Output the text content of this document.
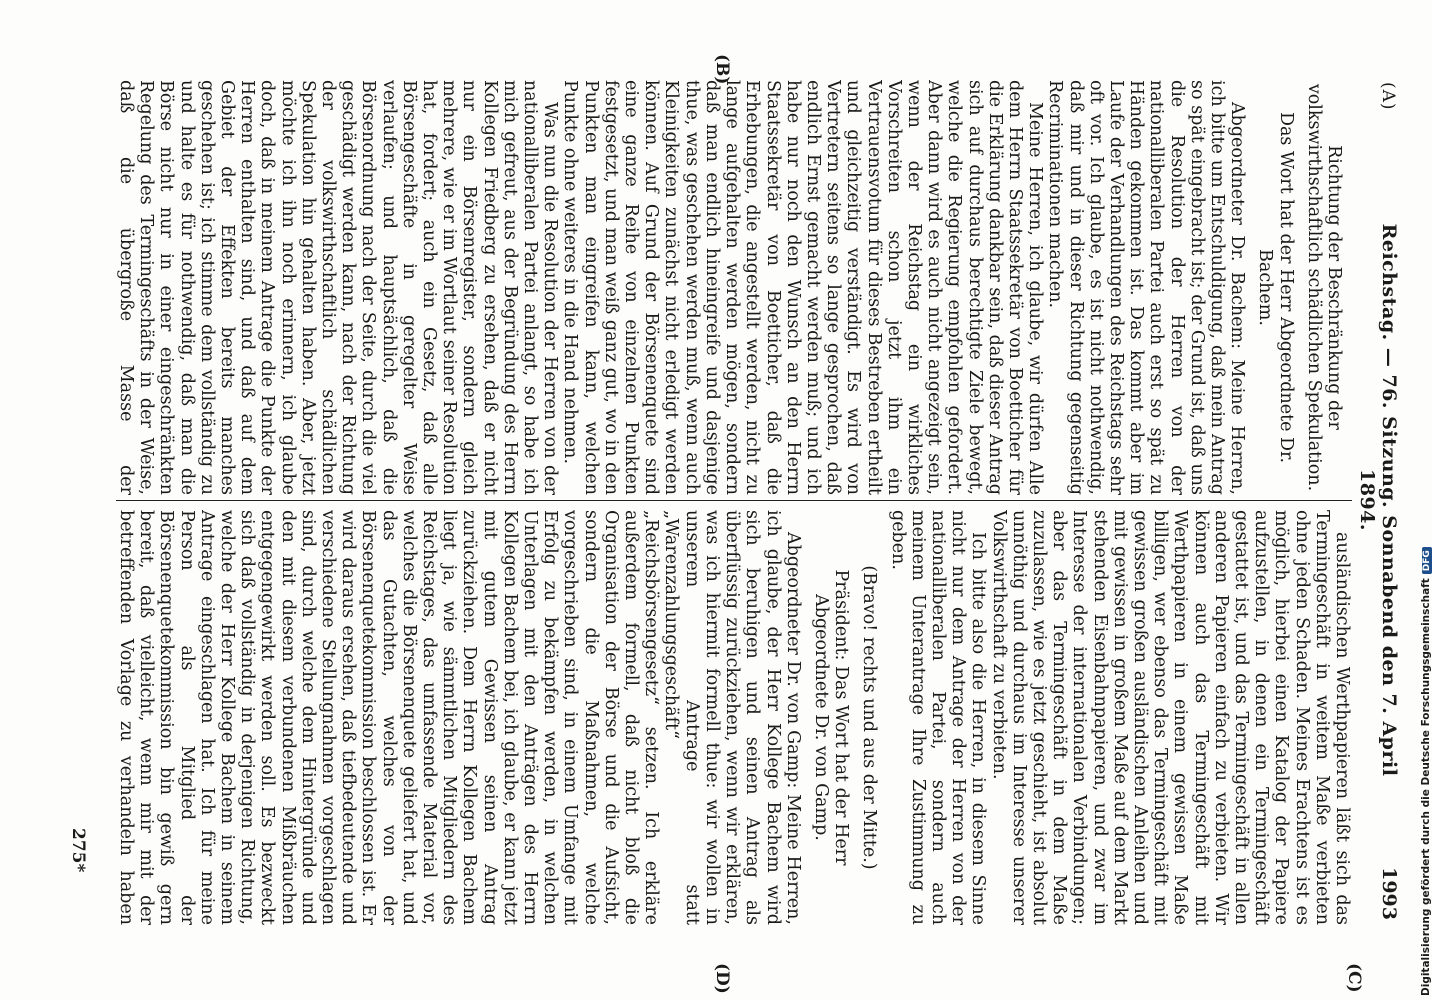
(A)
Reichstag. — 76. Sitzung. Sonnabend den 7. April 1894.
1993

Richtung der Beschränkung der volkswirthschaftlich schädlichen Spekulation.

Das Wort hat der Herr Abgeordnete Dr. Bachem.

Abgeordneter Dr. Bachem: Meine Herren, ich bitte um Entschuldigung, daß mein Antrag so spät eingebracht ist; der Grund ist, daß uns die Resolution der Herren von der nationalliberalen Partei auch erst so spät zu Händen gekommen ist. Das kommt aber im Laufe der Verhandlungen des Reichstags sehr oft vor. Ich glaube, es ist nicht nothwendig, daß mir und in dieser Richtung gegenseitig Recriminationen machen.

Meine Herren, ich glaube, wir dürfen Alle dem Herrn Staatssekretär von Boetticher für die Erklärung dankbar sein, daß dieser Antrag sich auf durchaus berechtigte Ziele bewegt, welche die Regierung empfohlen gefordert. Aber dann wird es auch nicht angezeigt sein, wenn der Reichstag ein wirkliches Vorschreiten schon jetzt ihm ein Vertrauensvotum für dieses Bestreben ertheilt und gleichzeitig verständigt. Es wird von Vertretern seitens so lange gesprochen, daß endlich Ernst gemacht werden muß; und ich habe nur noch den Wunsch an den Herrn Staatssekretär von Boetticher, daß die Erhebungen, die angestellt werden, nicht zu lange aufgehalten werden mögen, sondern daß man endlich hineingreife und dasjenige thue, was geschehen werden muß, wenn auch Kleinigkeiten zunächst nicht erledigt werden können. Auf Grund der Börsenenquete sind eine ganze Reihe von einzelnen Punkten festgesetzt, und man weiß ganz gut, wo in den Punkten man eingreifen kann, welchen Punkte ohne weiteres in die Hand nehmen.

Was nun die Resolution der Herren von der nationalliberalen Partei anlangt, so habe ich mich gefreut, aus der Begründung des Herrn Kollegen Friedberg zu ersehen, daß er nicht nur ein Börsenregister, sondern gleich mehrere, wie er im Wortlaut seiner Resolution hat, fordert; auch ein Gesetz, daß alle Börsengeschäfte in geregelter Weise verlaufen; und hauptsächlich, daß die Börsenordnung nach der Seite, durch die viel geschädigt werden kann, nach der Richtung der volkswirthschaftlich schädlichen Spekulation hin gehalten haben. Aber, jetzt möchte ich ihn noch erinnern, ich glaube doch, daß in meinem Antrage die Punkte der Herren enthalten sind, und daß auf dem Gebiet der Effekten bereits manches geschehen ist; ich stimme dem vollständig zu und halte es für nothwendig, daß man die Börse nicht nur in einer eingeschränkten Regelung des Termingeschäfts in der Weise, daß die übergroße Masse der

ausländischen Werthpapieren läßt sich das Termingeschäft in weitem Maße verbieten ohne jeden Schaden. Meines Erachtens ist es möglich, hierbei einen Katalog der Papiere aufzustellen, in denen ein Termingeschäft gestattet ist, und das Termingeschäft in allen anderen Papieren einfach zu verbieten. Wir können auch das Termingeschäft mit Werthpapieren in einem gewissen Maße billigen, wer ebenso das Termingeschäft mit gewissen großen ausländischen Anleihen und mit gewissen in großem Maße auf dem Markt stehenden Eisenbahnpapieren, und zwar im Interesse der internationalen Verbindungen; aber das Termingeschäft in dem Maße zuzulassen, wie es jetzt geschieht, ist absolut unnöthig und durchaus im Interesse unserer Volkswirthschaft zu verbieten.

Ich bitte also die Herren, in diesem Sinne nicht nur dem Antrage der Herren von der nationalliberalen Partei, sondern auch meinem Unterantrage Ihre Zustimmung zu geben.

(Bravo! rechts und aus der Mitte.)

Präsident: Das Wort hat der Herr Abgeordnete Dr. von Gamp.

Abgeordneter Dr. von Gamp: Meine Herren, ich glaube, der Herr Kollege Bachem wird sich beruhigen und seinen Antrag als überflüssig zurückziehen, wenn wir erklären, was ich hiermit formell thue: wir wollen in unserem Antrage statt „Warenzahlungsgeschäft“ „Reichsbörsengesetz“ setzen. Ich erkläre außerdem formell, daß nicht bloß die Organisation der Börse und die Aufsicht, sondern die Maßnahmen, welche vorgeschrieben sind, in einem Umfange mit Erfolg zu bekämpfen werden, in welchen Unterlagen mit den Anträgen des Herrn Kollegen Bachem bei, ich glaube, er kann jetzt mit gutem Gewissen seinen Antrag zurückziehen. Dem Herrn Kollegen Bachem liegt ja, wie sämmtlichen Mitgliedern des Reichstages, das umfassende Material vor, welches die Börsenenquete geliefert hat, und das Gutachten, welches von der Börsenenquetekommission beschlossen ist. Er wird daraus ersehen, daß tiefbedeutende und verschiedene Stellungnahmen vorgeschlagen sind, durch welche dem Hintergründe und den mit diesem verbundenen Mißbräuchen entgegengewirkt werden soll. Es bezweckt sich daß vollständig in derjenigen Richtung, welche der Herr Kollege Bachem in seinem Antrage eingeschlagen hat. Ich für meine Person als Mitglied der Börsenenquetekommission bin gewiß gern bereit, daß vielleicht, wenn mir mit der betreffenden Vorlage zu verhandeln haben

(B)
(C)
(D)
275*	Digitalisierung gefördert durch die Deutsche ForschungsgemeinschaftDFG
